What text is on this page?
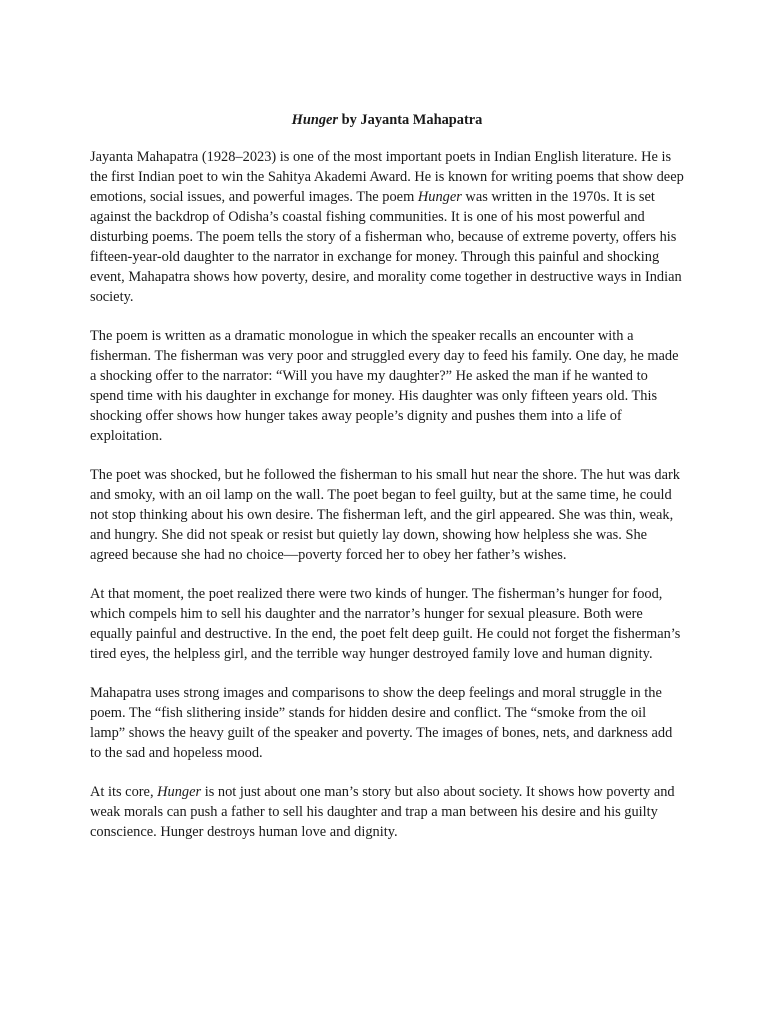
Hunger by Jayanta Mahapatra

Jayanta Mahapatra (1928–2023) is one of the most important poets in Indian English literature. He is the first Indian poet to win the Sahitya Akademi Award. He is known for writing poems that show deep emotions, social issues, and powerful images. The poem Hunger was written in the 1970s. It is set against the backdrop of Odisha’s coastal fishing communities. It is one of his most powerful and disturbing poems. The poem tells the story of a fisherman who, because of extreme poverty, offers his fifteen-year-old daughter to the narrator in exchange for money. Through this painful and shocking event, Mahapatra shows how poverty, desire, and morality come together in destructive ways in Indian society.

The poem is written as a dramatic monologue in which the speaker recalls an encounter with a fisherman. The fisherman was very poor and struggled every day to feed his family. One day, he made a shocking offer to the narrator: “Will you have my daughter?” He asked the man if he wanted to spend time with his daughter in exchange for money. His daughter was only fifteen years old. This shocking offer shows how hunger takes away people’s dignity and pushes them into a life of exploitation.

The poet was shocked, but he followed the fisherman to his small hut near the shore. The hut was dark and smoky, with an oil lamp on the wall. The poet began to feel guilty, but at the same time, he could not stop thinking about his own desire. The fisherman left, and the girl appeared. She was thin, weak, and hungry. She did not speak or resist but quietly lay down, showing how helpless she was. She agreed because she had no choice—poverty forced her to obey her father’s wishes.

At that moment, the poet realized there were two kinds of hunger. The fisherman’s hunger for food, which compels him to sell his daughter and the narrator’s hunger for sexual pleasure. Both were equally painful and destructive. In the end, the poet felt deep guilt. He could not forget the fisherman’s tired eyes, the helpless girl, and the terrible way hunger destroyed family love and human dignity.

Mahapatra uses strong images and comparisons to show the deep feelings and moral struggle in the poem. The “fish slithering inside” stands for hidden desire and conflict. The “smoke from the oil lamp” shows the heavy guilt of the speaker and poverty. The images of bones, nets, and darkness add to the sad and hopeless mood.

At its core, Hunger is not just about one man’s story but also about society. It shows how poverty and weak morals can push a father to sell his daughter and trap a man between his desire and his guilty conscience. Hunger destroys human love and dignity.
